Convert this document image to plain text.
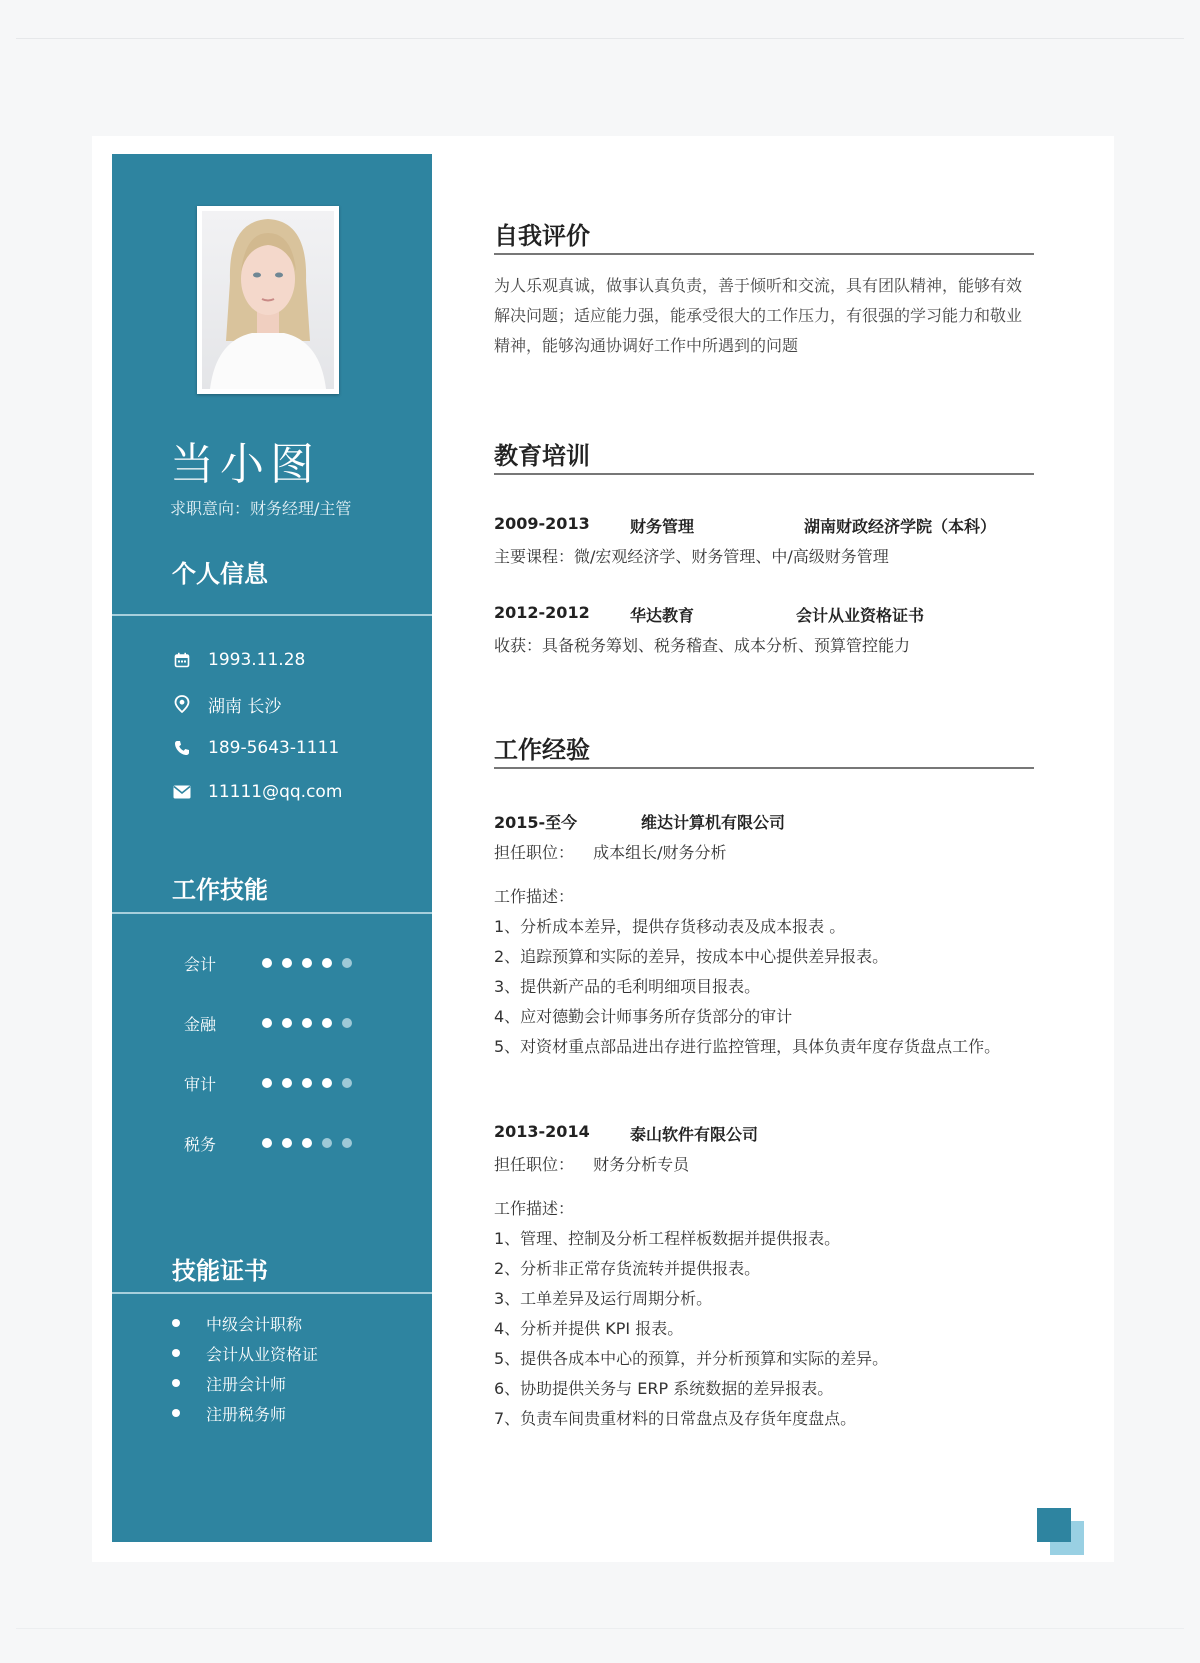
当小图
求职意向：财务经理/主管
个人信息
1993.11.28
湖南 长沙
189-5643-1111
11111@qq.com
工作技能
会计
金融
审计
税务
技能证书
中级会计职称
会计从业资格证
注册会计师
注册税务师
自我评价
为人乐观真诚，做事认真负责，善于倾听和交流，具有团队精神，能够有效解决问题；适应能力强，能承受很大的工作压力，有很强的学习能力和敬业精神，能够沟通协调好工作中所遇到的问题
教育培训
2009-2013	财务管理	湖南财政经济学院（本科）
主要课程：微/宏观经济学、财务管理、中/高级财务管理
2012-2012	华达教育	会计从业资格证书
收获：具备税务筹划、税务稽查、成本分析、预算管控能力
工作经验
2015-至今	维达计算机有限公司
担任职位： 成本组长/财务分析
工作描述：
1、分析成本差异，提供存货移动表及成本报表 。
2、追踪预算和实际的差异，按成本中心提供差异报表。
3、提供新产品的毛利明细项目报表。
4、应对德勤会计师事务所存货部分的审计
5、对资材重点部品进出存进行监控管理，具体负责年度存货盘点工作。
2013-2014	泰山软件有限公司
担任职位： 财务分析专员
工作描述：
1、管理、控制及分析工程样板数据并提供报表。
2、分析非正常存货流转并提供报表。
3、工单差异及运行周期分析。
4、分析并提供 KPI 报表。
5、提供各成本中心的预算，并分析预算和实际的差异。
6、协助提供关务与 ERP 系统数据的差异报表。
7、负责车间贵重材料的日常盘点及存货年度盘点。
